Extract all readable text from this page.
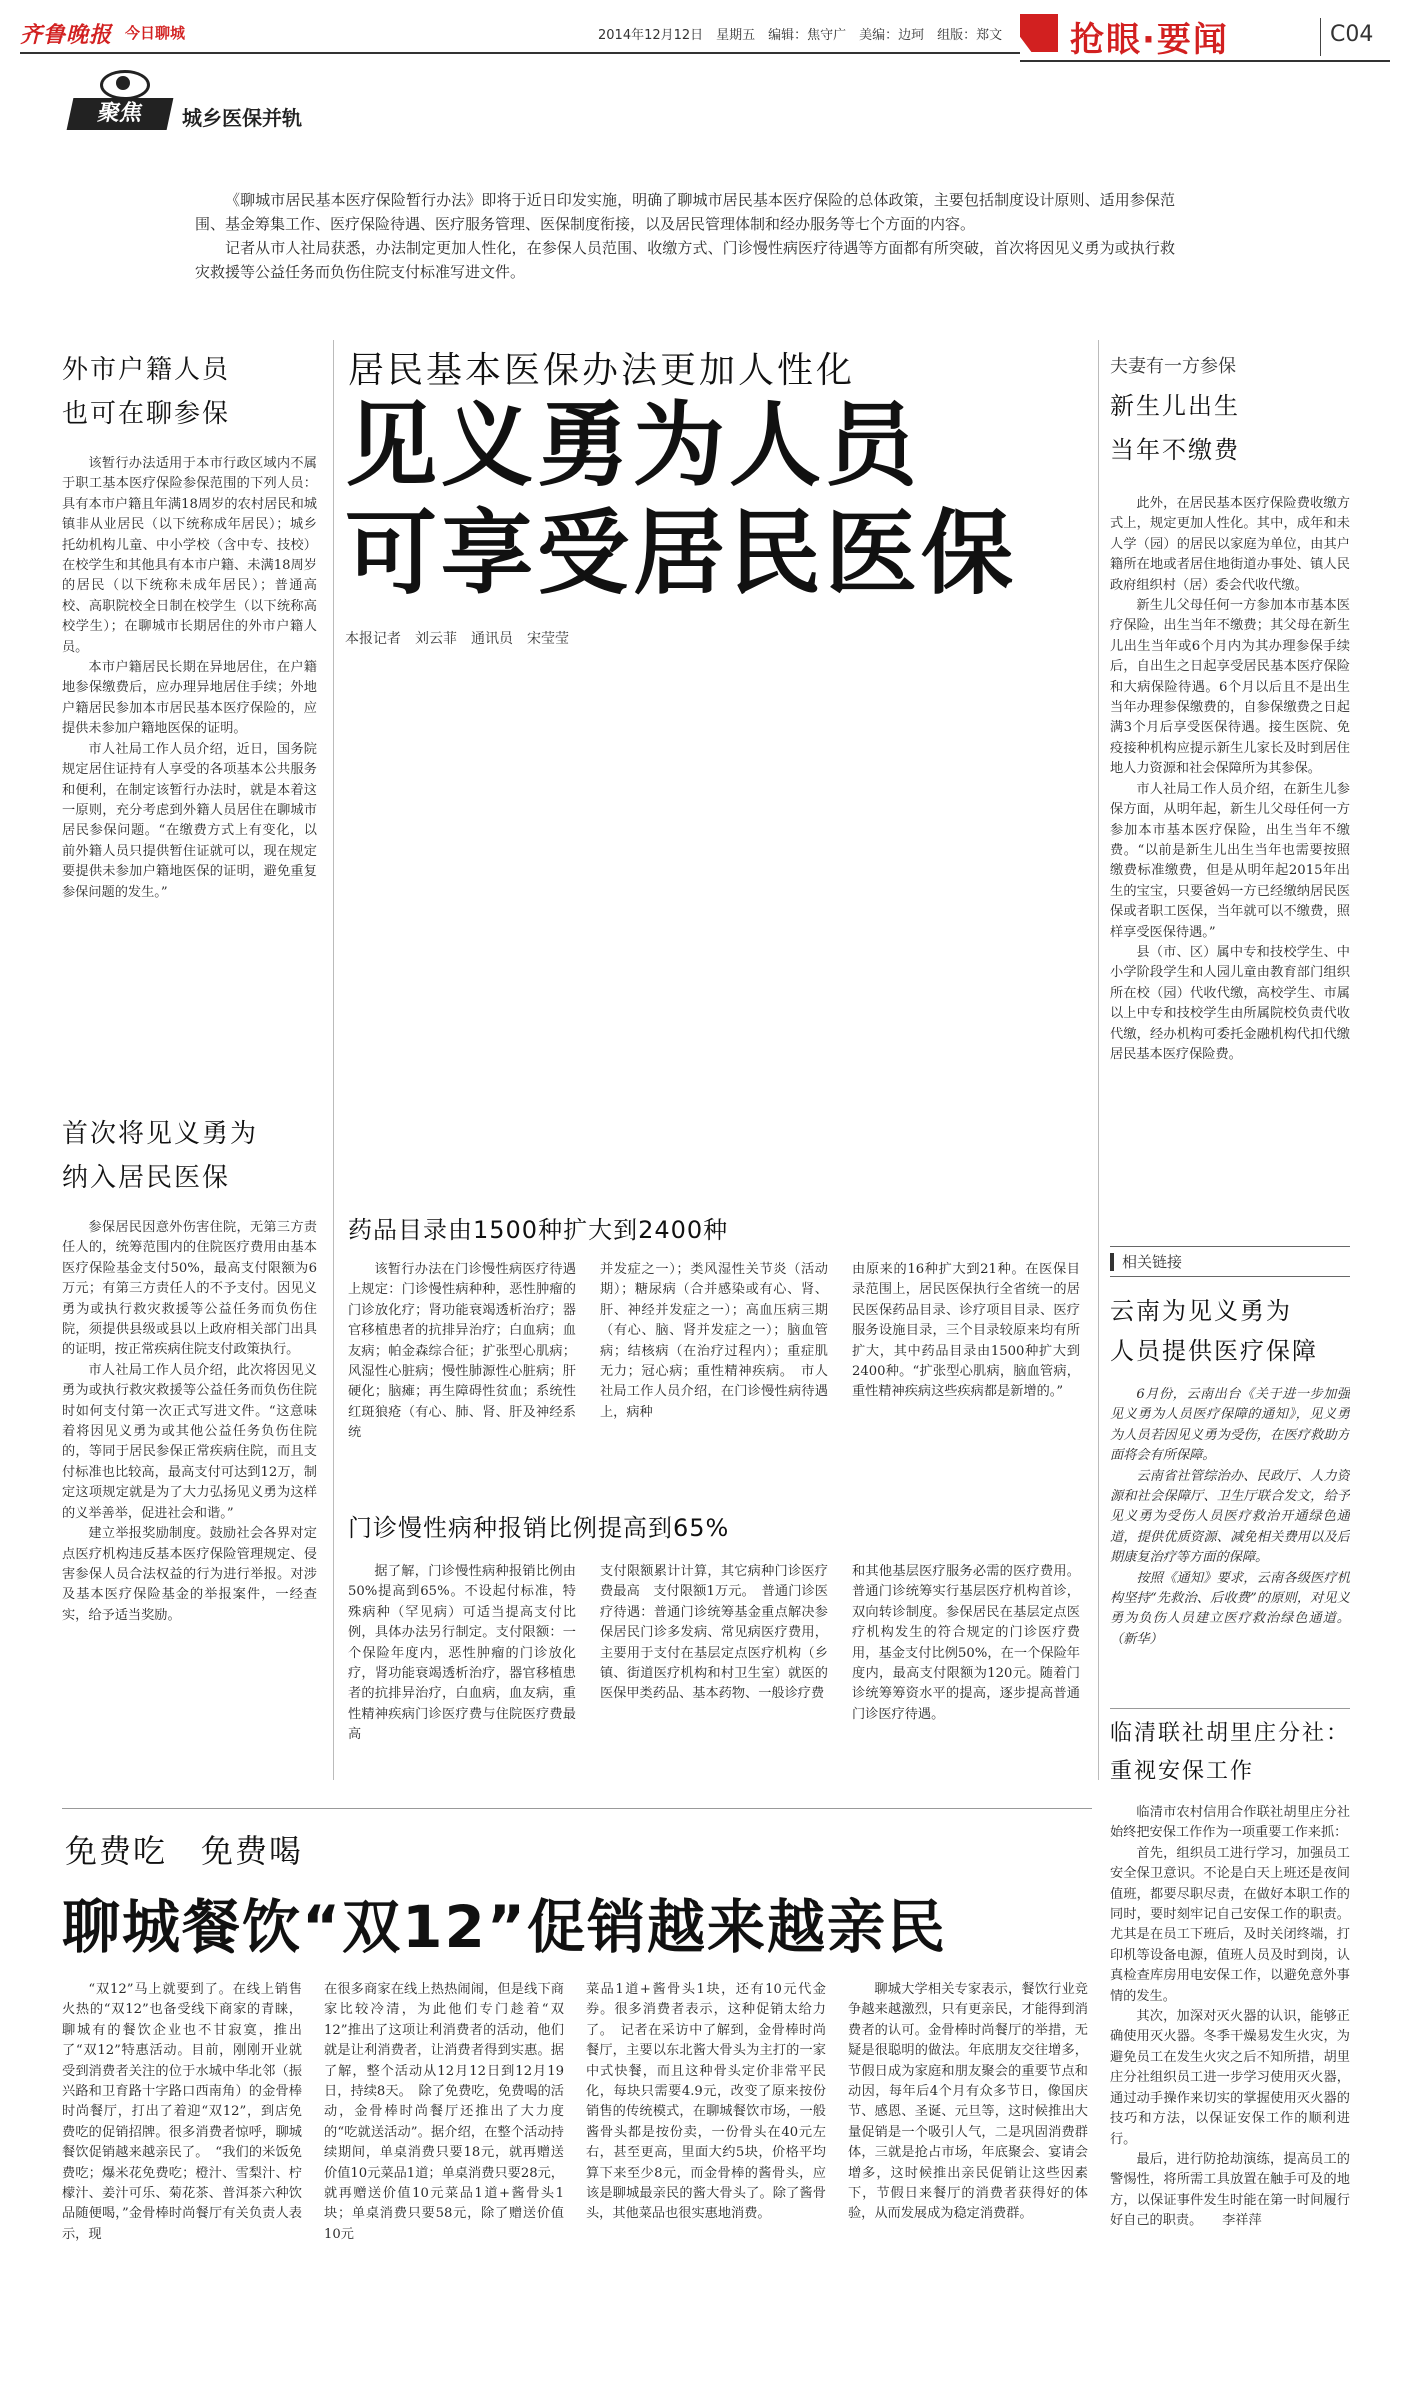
齐鲁晚报 今日聊城	2014年12月12日　星期五　编辑：焦守广　美编：边珂　组版：郑文 抢眼·要闻	C04
聚焦	城乡医保并轨

《聊城市居民基本医疗保险暂行办法》即将于近日印发实施，明确了聊城市居民基本医疗保险的总体政策，主要包括制度设计原则、适用参保范围、基金筹集工作、医疗保险待遇、医疗服务管理、医保制度衔接，以及居民管理体制和经办服务等七个方面的内容。

记者从市人社局获悉，办法制定更加人性化，在参保人员范围、收缴方式、门诊慢性病医疗待遇等方面都有所突破，首次将因见义勇为或执行救灾救援等公益任务而负伤住院支付标准写进文件。

居民基本医保办法更加人性化
见义勇为人员
可享受居民医保
本报记者　刘云菲　通讯员　宋莹莹
外市户籍人员
也可在聊参保

该暂行办法适用于本市行政区域内不属于职工基本医疗保险参保范围的下列人员：具有本市户籍且年满18周岁的农村居民和城镇非从业居民（以下统称成年居民）；城乡托幼机构儿童、中小学校（含中专、技校）在校学生和其他具有本市户籍、未满18周岁的居民（以下统称未成年居民）；普通高校、高职院校全日制在校学生（以下统称高校学生）；在聊城市长期居住的外市户籍人员。

本市户籍居民长期在异地居住，在户籍地参保缴费后，应办理异地居住手续；外地户籍居民参加本市居民基本医疗保险的，应提供未参加户籍地医保的证明。

市人社局工作人员介绍，近日，国务院规定居住证持有人享受的各项基本公共服务和便利，在制定该暂行办法时，就是本着这一原则，充分考虑到外籍人员居住在聊城市居民参保问题。“在缴费方式上有变化，以前外籍人员只提供暂住证就可以，现在规定要提供未参加户籍地医保的证明，避免重复参保问题的发生。”

首次将见义勇为
纳入居民医保

参保居民因意外伤害住院，无第三方责任人的，统筹范围内的住院医疗费用由基本医疗保险基金支付50%，最高支付限额为6万元；有第三方责任人的不予支付。因见义勇为或执行救灾救援等公益任务而负伤住院，须提供县级或县以上政府相关部门出具的证明，按正常疾病住院支付政策执行。

市人社局工作人员介绍，此次将因见义勇为或执行救灾救援等公益任务而负伤住院时如何支付第一次正式写进文件。“这意味着将因见义勇为或其他公益任务负伤住院的，等同于居民参保正常疾病住院，而且支付标准也比较高，最高支付可达到12万，制定这项规定就是为了大力弘扬见义勇为这样的义举善举，促进社会和谐。”

建立举报奖励制度。鼓励社会各界对定点医疗机构违反基本医疗保险管理规定、侵害参保人员合法权益的行为进行举报。对涉及基本医疗保险基金的举报案件，一经查实，给予适当奖励。

药品目录由1500种扩大到2400种

该暂行办法在门诊慢性病医疗待遇上规定：门诊慢性病种种，恶性肿瘤的门诊放化疗；肾功能衰竭透析治疗；器官移植患者的抗排异治疗；白血病；血友病；帕金森综合征；扩张型心肌病；风湿性心脏病；慢性肺源性心脏病；肝硬化；脑瘫；再生障碍性贫血；系统性红斑狼疮（有心、肺、肾、肝及神经系统

并发症之一）；类风湿性关节炎（活动期）；糖尿病（合并感染或有心、肾、肝、神经并发症之一）；高血压病三期（有心、脑、肾并发症之一）；脑血管病；结核病（在治疗过程内）；重症肌无力；冠心病；重性精神疾病。　市人社局工作人员介绍，在门诊慢性病待遇上，病种

由原来的16种扩大到21种。在医保目录范围上，居民医保执行全省统一的居民医保药品目录、诊疗项目目录、医疗服务设施目录，三个目录较原来均有所扩大，其中药品目录由1500种扩大到2400种。“扩张型心肌病，脑血管病，重性精神疾病这些疾病都是新增的。”

门诊慢性病种报销比例提高到65%

据了解，门诊慢性病种报销比例由50%提高到65%。不设起付标准，特殊病种（罕见病）可适当提高支付比例，具体办法另行制定。支付限额：一个保险年度内，恶性肿瘤的门诊放化疗，肾功能衰竭透析治疗，器官移植患者的抗排异治疗，白血病，血友病，重性精神疾病门诊医疗费与住院医疗费最高

支付限额累计计算，其它病种门诊医疗费最高　支付限额1万元。　普通门诊医疗待遇：普通门诊统筹基金重点解决参保居民门诊多发病、常见病医疗费用，主要用于支付在基层定点医疗机构（乡镇、街道医疗机构和村卫生室）就医的医保甲类药品、基本药物、一般诊疗费

和其他基层医疗服务必需的医疗费用。普通门诊统筹实行基层医疗机构首诊，双向转诊制度。参保居民在基层定点医疗机构发生的符合规定的门诊医疗费用，基金支付比例50%，在一个保险年度内，最高支付限额为120元。随着门诊统筹筹资水平的提高，逐步提高普通门诊医疗待遇。

夫妻有一方参保
新生儿出生
当年不缴费

此外，在居民基本医疗保险费收缴方式上，规定更加人性化。其中，成年和未人学（园）的居民以家庭为单位，由其户籍所在地或者居住地街道办事处、镇人民政府组织村（居）委会代收代缴。

新生儿父母任何一方参加本市基本医疗保险，出生当年不缴费；其父母在新生儿出生当年或6个月内为其办理参保手续后，自出生之日起享受居民基本医疗保险和大病保险待遇。6个月以后且不是出生当年办理参保缴费的，自参保缴费之日起满3个月后享受医保待遇。接生医院、免疫接种机构应提示新生儿家长及时到居住地人力资源和社会保障所为其参保。

市人社局工作人员介绍，在新生儿参保方面，从明年起，新生儿父母任何一方参加本市基本医疗保险，出生当年不缴费。“以前是新生儿出生当年也需要按照缴费标准缴费，但是从明年起2015年出生的宝宝，只要爸妈一方已经缴纳居民医保或者职工医保，当年就可以不缴费，照样享受医保待遇。”

县（市、区）属中专和技校学生、中小学阶段学生和人园儿童由教育部门组织所在校（园）代收代缴，高校学生、市属以上中专和技校学生由所属院校负责代收代缴，经办机构可委托金融机构代扣代缴居民基本医疗保险费。

相关链接
云南为见义勇为
人员提供医疗保障

6月份，云南出台《关于进一步加强见义勇为人员医疗保障的通知》，见义勇为人员若因见义勇为受伤，在医疗救助方面将会有所保障。

云南省社管综治办、民政厅、人力资源和社会保障厅、卫生厅联合发文，给予见义勇为受伤人员医疗救治开通绿色通道，提供优质资源、减免相关费用以及后期康复治疗等方面的保障。

按照《通知》要求，云南各级医疗机构坚持“先救治、后收费”的原则，对见义勇为负伤人员建立医疗救治绿色通道。（新华）

临清联社胡里庄分社：
重视安保工作

临清市农村信用合作联社胡里庄分社始终把安保工作作为一项重要工作来抓：

首先，组织员工进行学习，加强员工安全保卫意识。不论是白天上班还是夜间值班，都要尽职尽责，在做好本职工作的同时，要时刻牢记自己安保工作的职责。尤其是在员工下班后，及时关闭终端，打印机等设备电源，值班人员及时到岗，认真检查库房用电安保工作，以避免意外事情的发生。

其次，加深对灭火器的认识，能够正确使用灭火器。冬季干燥易发生火灾，为避免员工在发生火灾之后不知所措，胡里庄分社组织员工进一步学习使用灭火器，通过动手操作来切实的掌握使用灭火器的技巧和方法，以保证安保工作的顺利进行。

最后，进行防抢劫演练，提高员工的警惕性，将所需工具放置在触手可及的地方，以保证事件发生时能在第一时间履行好自己的职责。　　李祥萍

免费吃　免费喝
聊城餐饮“双12”促销越来越亲民

“双12”马上就要到了。在线上销售火热的“双12”也备受线下商家的青睐，聊城有的餐饮企业也不甘寂寞，推出了“双12”特惠活动。目前，刚刚开业就受到消费者关注的位于水城中华北邻（振兴路和卫育路十字路口西南角）的金骨棒时尚餐厅，打出了着迎“双12”，到店免费吃的促销招牌。很多消费者惊呼，聊城餐饮促销越来越亲民了。　“我们的米饭免费吃；爆米花免费吃；橙汁、雪梨汁、柠檬汁、姜汁可乐、菊花茶、普洱茶六种饮品随便喝，”金骨棒时尚餐厅有关负责人表示，现

在很多商家在线上热热闹闹，但是线下商家比较冷清，为此他们专门趁着“双12”推出了这项让利消费者的活动，他们就是让利消费者，让消费者得到实惠。据了解，整个活动从12月12日到12月19日，持续8天。　除了免费吃，免费喝的活动，金骨棒时尚餐厅还推出了大力度的“吃就送活动”。据介绍，在整个活动持续期间，单桌消费只要18元，就再赠送价值10元菜品1道；单桌消费只要28元，就再赠送价值10元菜品1道+酱骨头1块；单桌消费只要58元，除了赠送价值10元

菜品1道+酱骨头1块，还有10元代金券。很多消费者表示，这种促销太给力了。　记者在采访中了解到，金骨棒时尚餐厅，主要以东北酱大骨头为主打的一家中式快餐，而且这种骨头定价非常平民化，每块只需要4.9元，改变了原来按份销售的传统模式，在聊城餐饮市场，一般酱骨头都是按份卖，一份骨头在40元左右，甚至更高，里面大约5块，价格平均算下来至少8元，而金骨棒的酱骨头，应该是聊城最亲民的酱大骨头了。除了酱骨头，其他菜品也很实惠地消费。

聊城大学相关专家表示，餐饮行业竞争越来越激烈，只有更亲民，才能得到消费者的认可。金骨棒时尚餐厅的举措，无疑是很聪明的做法。年底朋友交往增多，节假日成为家庭和朋友聚会的重要节点和动因，每年后4个月有众多节日，像国庆节、感恩、圣诞、元旦等，这时候推出大量促销是一个吸引人气，二是巩固消费群体，三就是抢占市场，年底聚会、宴请会增多，这时候推出亲民促销让这些因素下，节假日来餐厅的消费者获得好的体验，从而发展成为稳定消费群。
